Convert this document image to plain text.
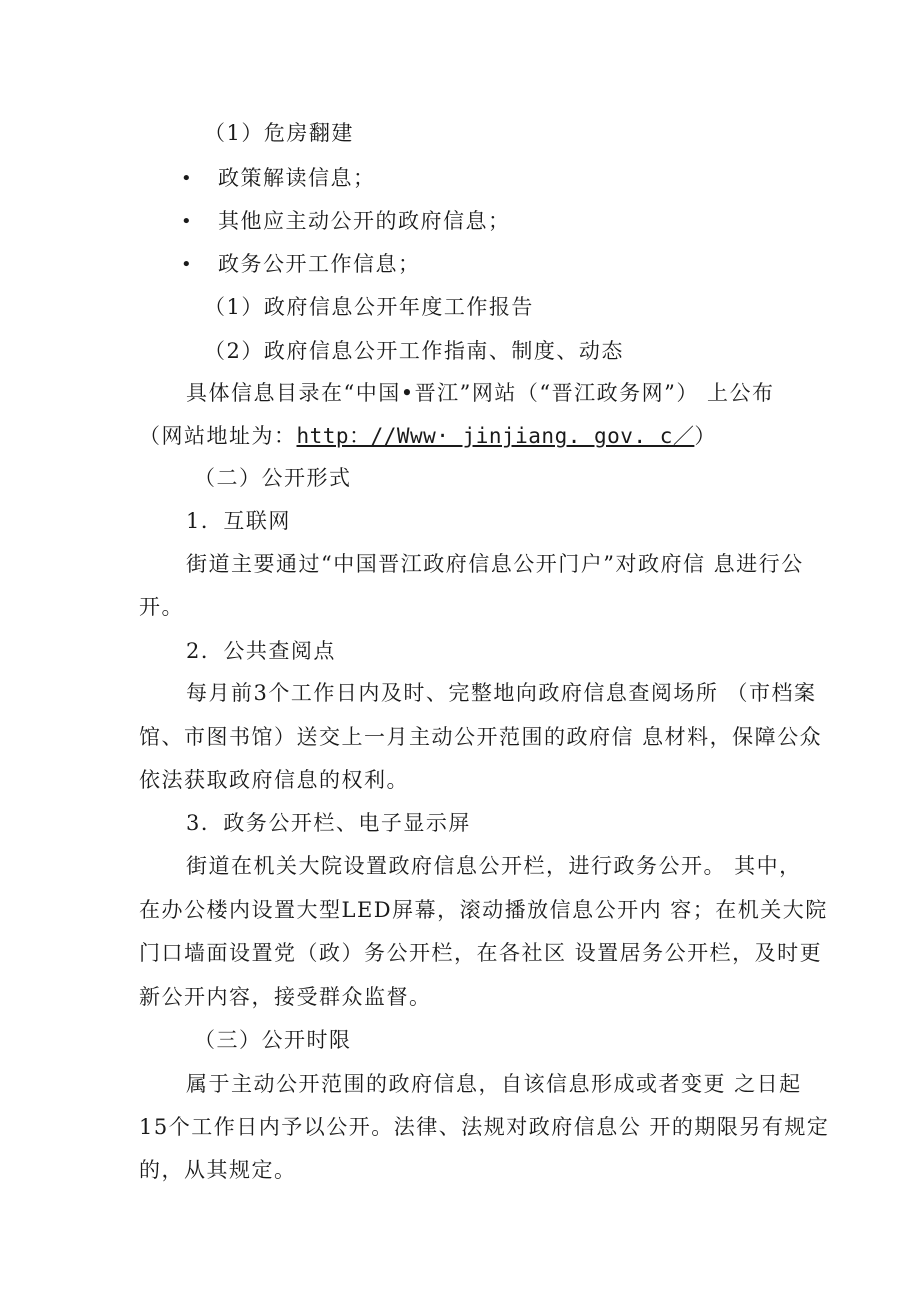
（1）危房翻建
• 政策解读信息；
• 其他应主动公开的政府信息；
• 政务公开工作信息；
（1）政府信息公开年度工作报告
（2）政府信息公开工作指南、制度、动态
具体信息目录在“中国•晋江”网站（“晋江政务网”） 上公布
（网站地址为：http：//Www· jinjiang. gov. c／）
（二）公开形式
1．互联网
街道主要通过“中国晋江政府信息公开门户”对政府信 息进行公
开。
2．公共查阅点
每月前3个工作日内及时、完整地向政府信息查阅场所 （市档案
馆、市图书馆）送交上一月主动公开范围的政府信 息材料，保障公众
依法获取政府信息的权利。
3．政务公开栏、电子显示屏
街道在机关大院设置政府信息公开栏，进行政务公开。 其中，
在办公楼内设置大型LED屏幕，滚动播放信息公开内 容；在机关大院
门口墙面设置党（政）务公开栏，在各社区 设置居务公开栏，及时更
新公开内容，接受群众监督。
（三）公开时限
属于主动公开范围的政府信息，自该信息形成或者变更 之日起
15个工作日内予以公开。法律、法规对政府信息公 开的期限另有规定
的，从其规定。
